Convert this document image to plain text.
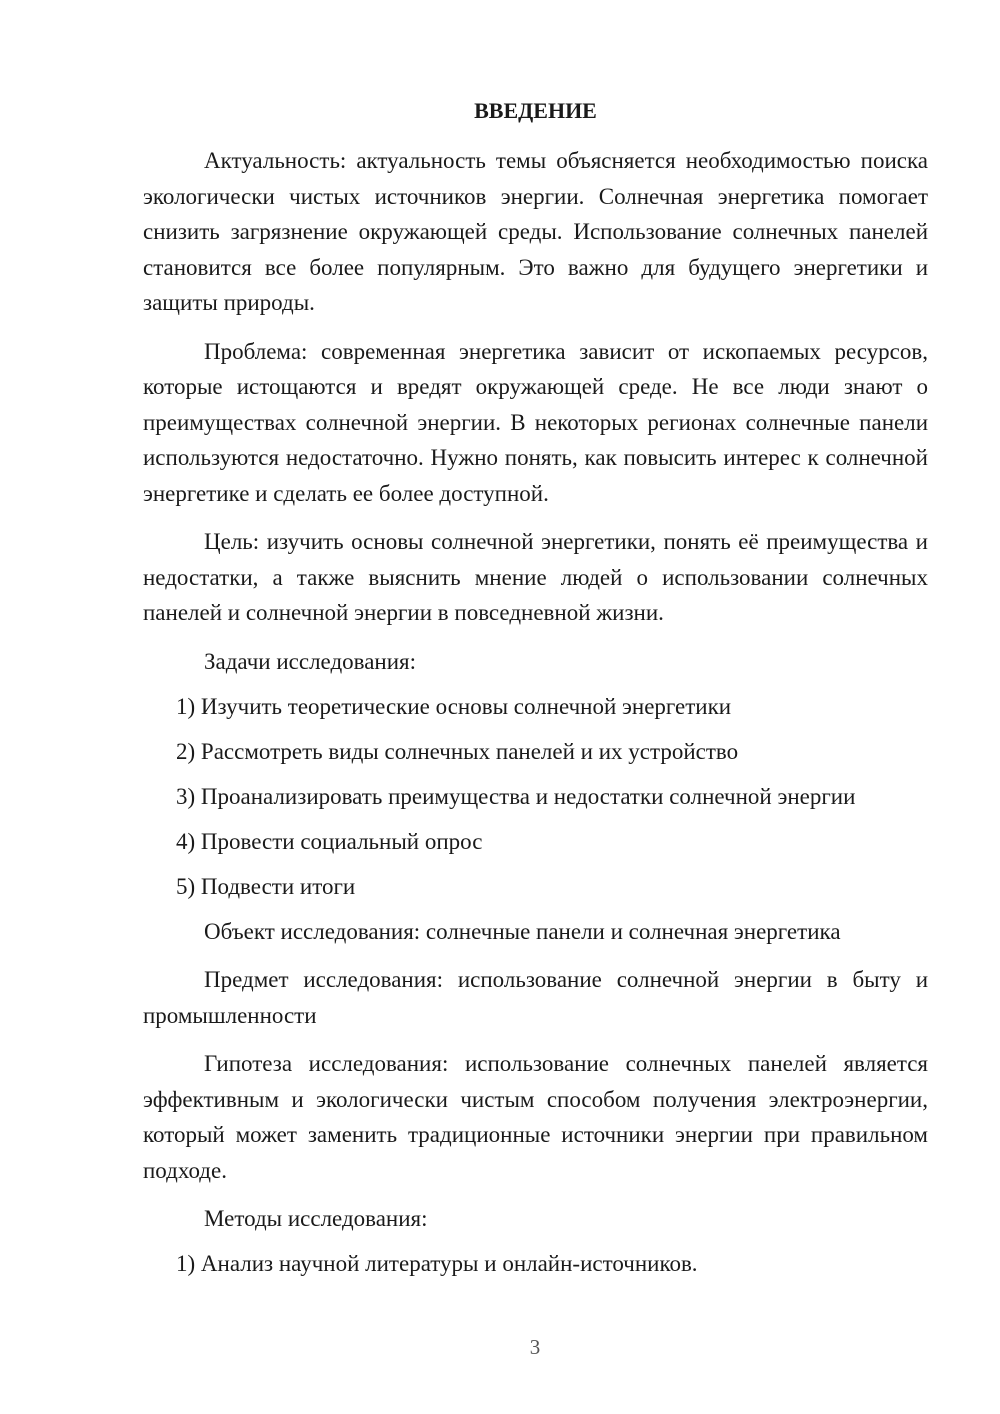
ВВЕДЕНИЕ

Актуальность: актуальность темы объясняется необходимостью поиска экологически чистых источников энергии. Солнечная энергетика помогает снизить загрязнение окружающей среды. Использование солнечных панелей становится все более популярным. Это важно для будущего энергетики и защиты природы.

Проблема: современная энергетика зависит от ископаемых ресурсов, которые истощаются и вредят окружающей среде. Не все люди знают о преимуществах солнечной энергии. В некоторых регионах солнечные панели используются недостаточно. Нужно понять, как повысить интерес к солнечной энергетике и сделать ее более доступной.

Цель: изучить основы солнечной энергетики, понять её преимущества и недостатки, а также выяснить мнение людей о использовании солнечных панелей и солнечной энергии в повседневной жизни.

Задачи исследования:
1) Изучить теоретические основы солнечной энергетики
2) Рассмотреть виды солнечных панелей и их устройство
3) Проанализировать преимущества и недостатки солнечной энергии
4) Провести социальный опрос
5) Подвести итоги

Объект исследования: солнечные панели и солнечная энергетика

Предмет исследования: использование солнечной энергии в быту и промышленности

Гипотеза исследования: использование солнечных панелей является эффективным и экологически чистым способом получения электроэнергии, который может заменить традиционные источники энергии при правильном подходе.

Методы исследования:
1) Анализ научной литературы и онлайн-источников.
3
